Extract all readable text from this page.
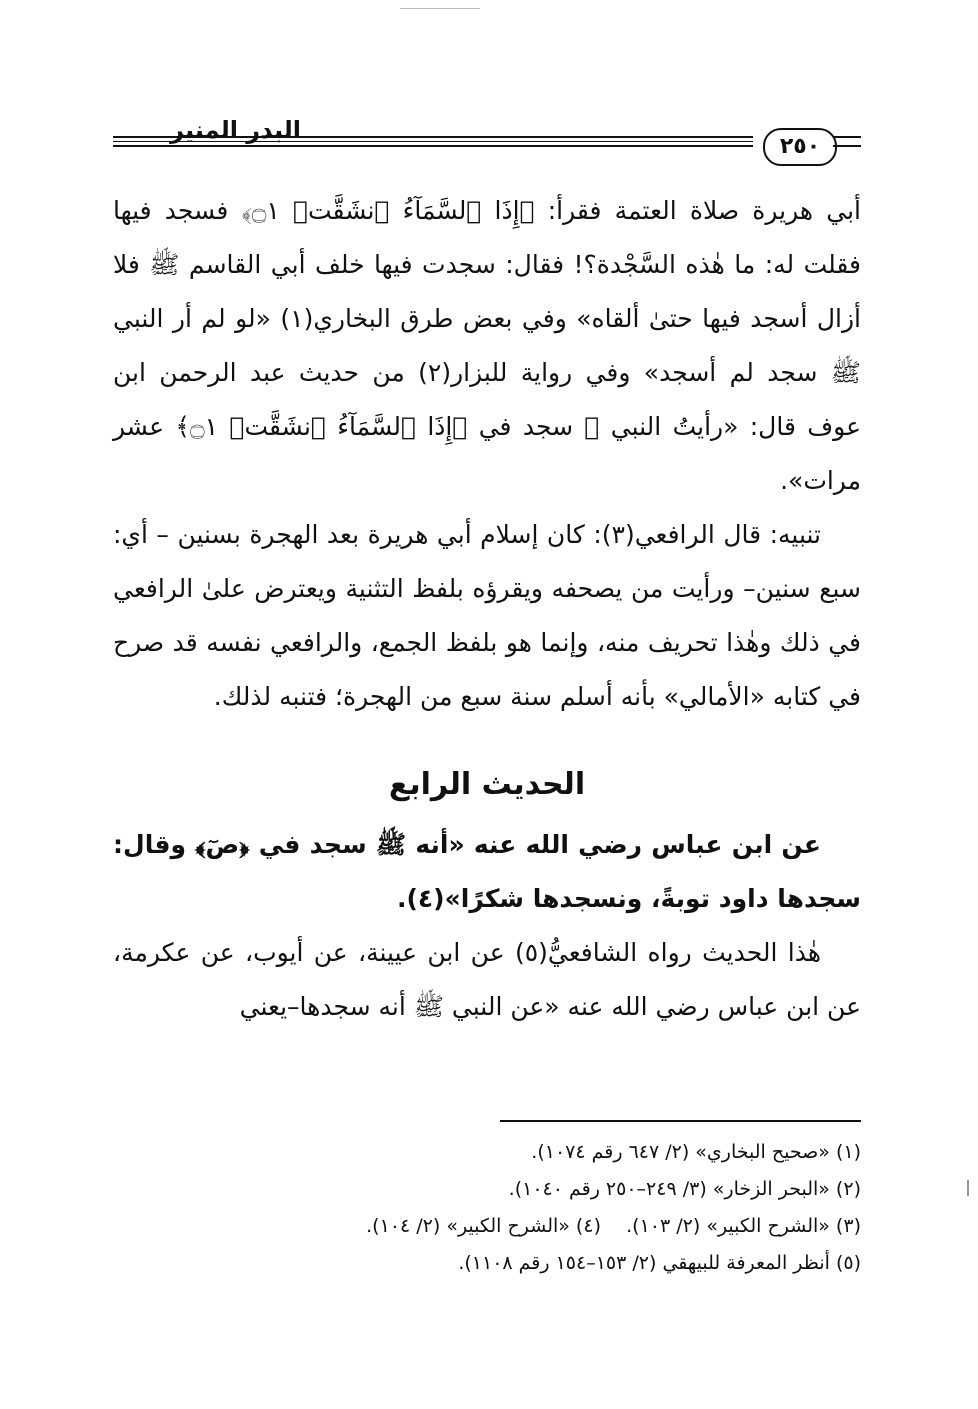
البدر المنير
٢٥٠

أبي هريرة صلاة العتمة فقرأ: ﴿إِذَا ٱلسَّمَآءُ ٱنشَقَّتۡ ۝١﴾ فسجد فيها فقلت له: ما هٰذه السَّجْدة؟! فقال: سجدت فيها خلف أبي القاسم ﷺ فلا أزال أسجد فيها حتىٰ ألقاه» وفي بعض طرق البخاري(١) «لو لم أر النبي ﷺ سجد لم أسجد» وفي رواية للبزار(٢) من حديث عبد الرحمن ابن عوف قال: «رأيتُ النبي ﷺ سجد في ﴿إِذَا ٱلسَّمَآءُ ٱنشَقَّتۡ ۝١﴾ عشر مرات».

تنبيه: قال الرافعي(٣): كان إسلام أبي هريرة بعد الهجرة بسنين – أي: سبع سنين– ورأيت من يصحفه ويقرؤه بلفظ التثنية ويعترض علىٰ الرافعي في ذلك وهٰذا تحريف منه، وإنما هو بلفظ الجمع، والرافعي نفسه قد صرح في كتابه «الأمالي» بأنه أسلم سنة سبع من الهجرة؛ فتنبه لذلك.

الحديث الرابع

عن ابن عباس رضي الله عنه «أنه ﷺ سجد في ﴿صٓ﴾ وقال: سجدها داود توبةً، ونسجدها شكرًا»(٤).

هٰذا الحديث رواه الشافعيُّ(٥) عن ابن عيينة، عن أيوب، عن عكرمة، عن ابن عباس رضي الله عنه «عن النبي ﷺ أنه سجدها–يعني

(١) «صحيح البخاري» (٢/ ٦٤٧ رقم ١٠٧٤).
(٢) «البحر الزخار» (٣/ ٢٤٩–٢٥٠ رقم ١٠٤٠).
(٣) «الشرح الكبير» (٢/ ١٠٣).
(٤) «الشرح الكبير» (٢/ ١٠٤).
(٥) أنظر المعرفة للبيهقي (٢/ ١٥٣–١٥٤ رقم ١١٠٨).
